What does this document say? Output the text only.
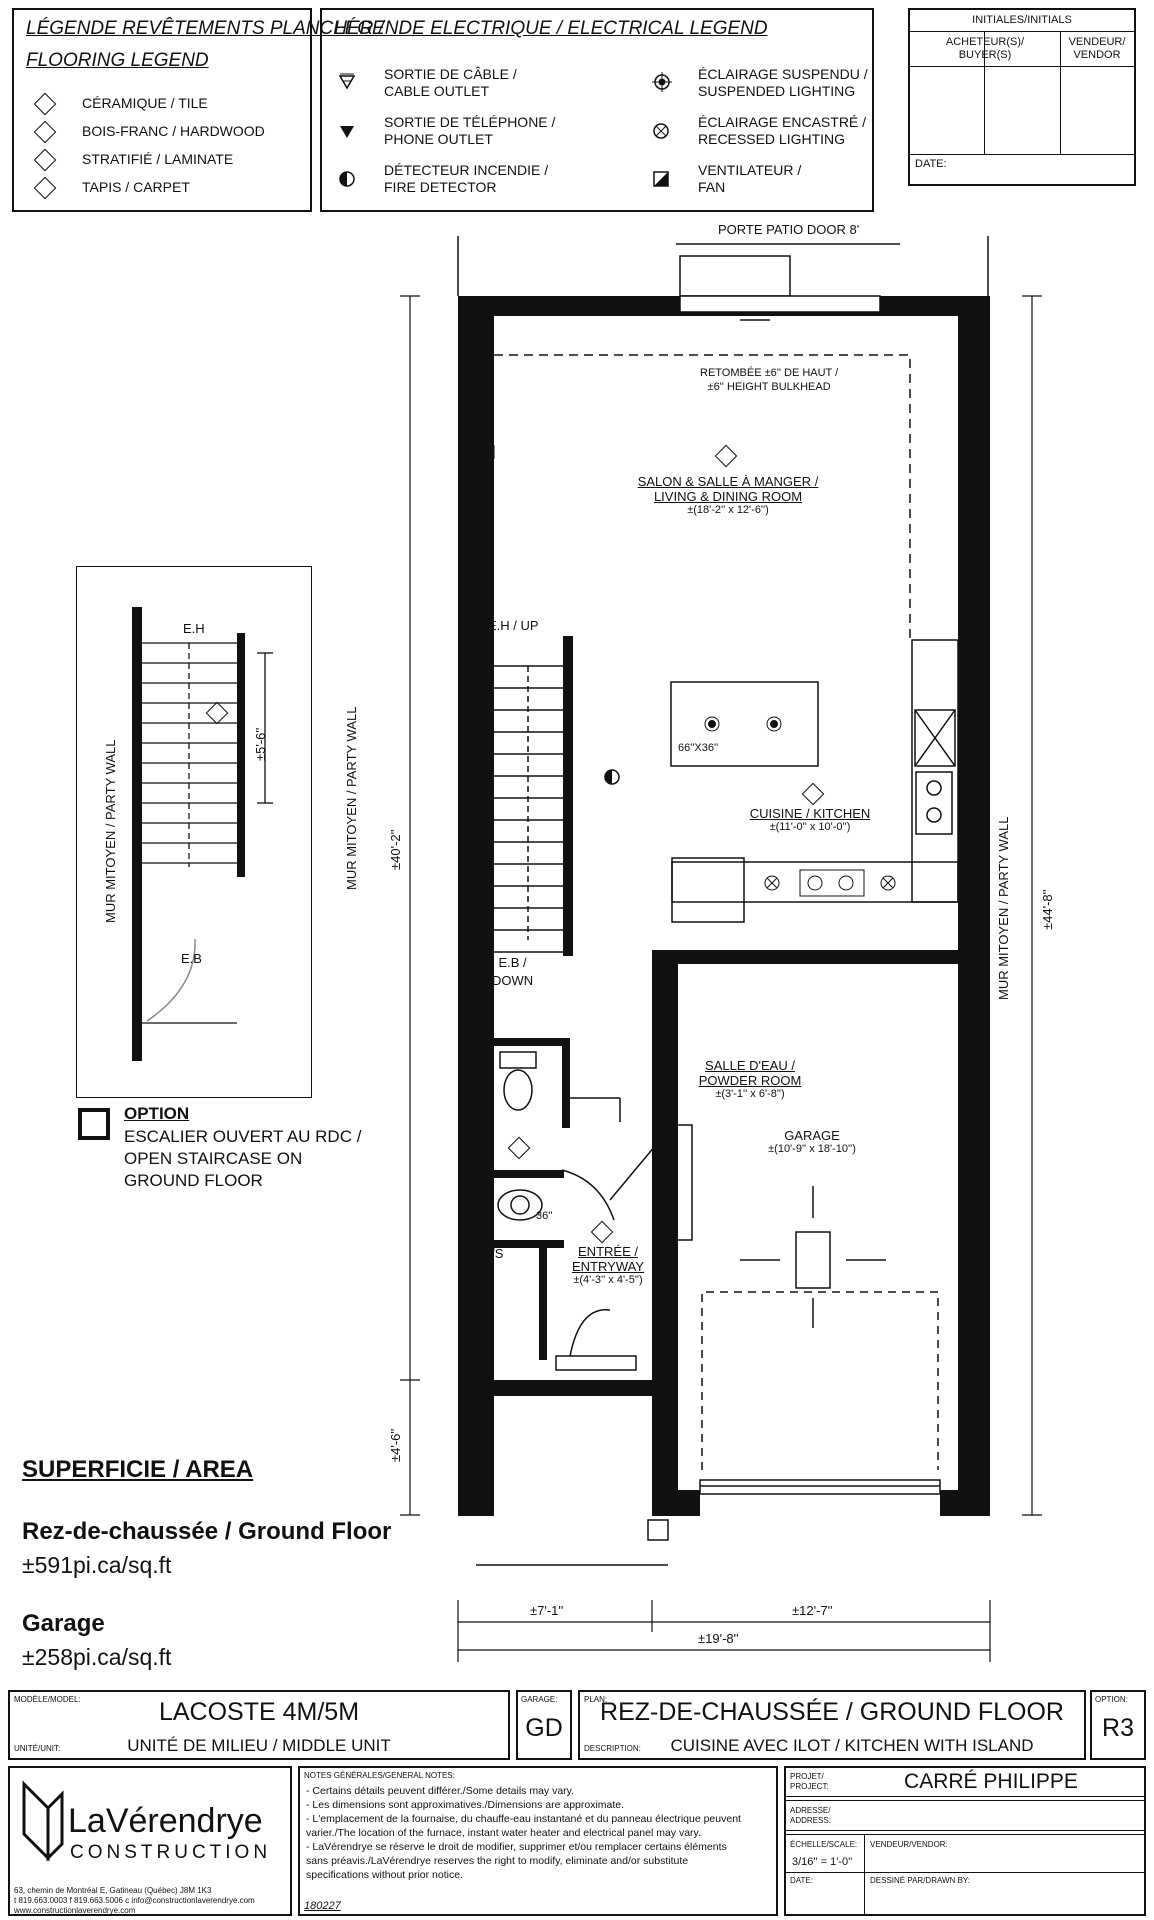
LÉGENDE REVÊTEMENTS PLANCHER /
FLOORING LEGEND
CÉRAMIQUE / TILE
BOIS-FRANC / HARDWOOD
STRATIFIÉ / LAMINATE
TAPIS / CARPET
LÉGENDE ELECTRIQUE / ELECTRICAL LEGEND
SORTIE DE CÂBLE /
CABLE OUTLET
SORTIE DE TÉLÉPHONE /
PHONE OUTLET
DÉTECTEUR INCENDIE /
FIRE DETECTOR
ÉCLAIRAGE SUSPENDU /
SUSPENDED LIGHTING
ÉCLAIRAGE ENCASTRÉ /
RECESSED LIGHTING
VENTILATEUR /
FAN
INITIALES/INITIALS
ACHETEUR(S)/
BUYER(S)
VENDEUR/
VENDOR
DATE:
PORTE PATIO DOOR 8'
RETOMBÉE ±6'' DE HAUT /
±6'' HEIGHT BULKHEAD
SALON & SALLE À MANGER /
LIVING & DINING ROOM
±(18'-2'' x 12'-6'')
66''X36''
CUISINE / KITCHEN
±(11'-0'' x 10'-0'')
E.H / UP
E.B /
DOWN
MUR MITOYEN / PARTY WALL
MUR MITOYEN / PARTY WALL
SALLE D'EAU /
POWDER ROOM
±(3'-1'' x 6'-8'')
GARAGE
±(10'-9'' x 18'-10'')
ENTRÉE /
ENTRYWAY
±(4'-3'' x 4'-5'')
1T/S
36''
±40'-2''
±4'-6''
±44'-8''
±7'-1''	±12'-7''
±19'-8''
E.H
E.B
±5'-6''
MUR MITOYEN / PARTY WALL
OPTION
ESCALIER OUVERT AU RDC /
OPEN STAIRCASE ON
GROUND FLOOR
SUPERFICIE / AREA
Rez-de-chaussée / Ground Floor
±591pi.ca/sq.ft
Garage
±258pi.ca/sq.ft
MODÈLE/MODEL:	LACOSTE 4M/5M
UNITÉ/UNIT:	UNITÉ DE MILIEU / MIDDLE UNIT
GARAGE:
GD
PLAN:
REZ-DE-CHAUSSÉE / GROUND FLOOR
DESCRIPTION:	CUISINE AVEC ILOT / KITCHEN WITH ISLAND
OPTION:
R3
LaVérendrye
CONSTRUCTION
63, chemin de Montréal E, Gatineau (Québec) J8M 1K3
t 819.663.0003 f 819.663.5006 c info@constructionlaverendrye.com
www.constructionlaverendrye.com
NOTES GÉNÉRALES/GENERAL NOTES:
- Certains détails peuvent différer./Some details may vary.
- Les dimensions sont approximatives./Dimensions are approximate.
- L'emplacement de la fournaise, du chauffe-eau instantané et du panneau électrique peuvent
varier./The location of the furnace, instant water heater and electrical panel may vary.
- LaVérendrye se réserve le droit de modifier, supprimer et/ou remplacer certains éléments
sans préavis./LaVérendrye reserves the right to modify, eliminate and/or substitute
specifications without prior notice.
180227
PROJET/
PROJECT:	CARRÉ PHILIPPE
ADRESSE/
ADDRESS:
ÉCHELLE/SCALE:
3/16'' = 1'-0''
VENDEUR/VENDOR:
DATE:	DESSINÉ PAR/DRAWN BY:
